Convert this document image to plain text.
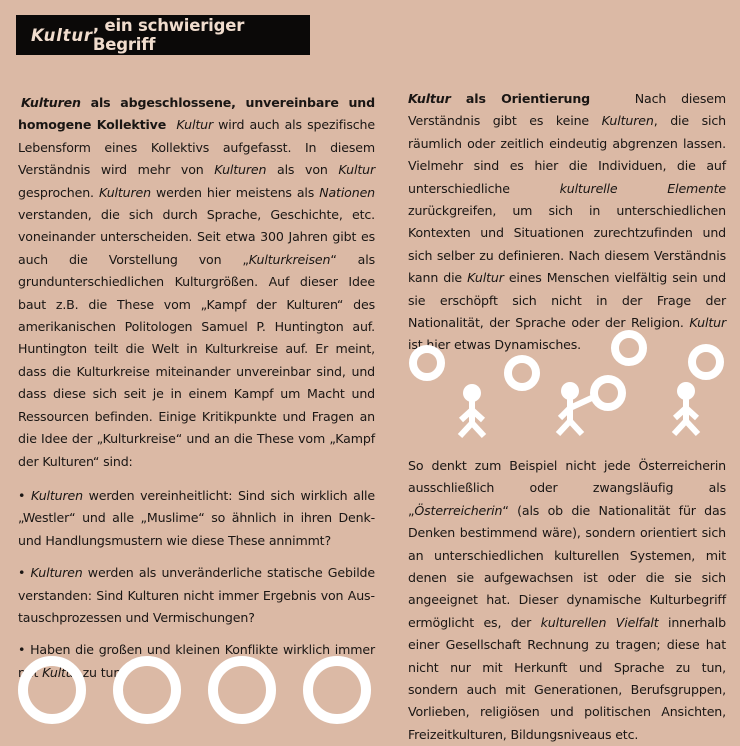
Kultur , ein schwieriger Begriff

Kulturen als abgeschlossene, unvereinbare und homogene Kollektive Kultur wird auch als spezifische Lebensform eines Kollektivs aufgefasst. In diesem Verständnis wird mehr von Kulturen als von Kultur gesprochen. Kulturen werden hier meistens als Nationen verstanden, die sich durch Sprache, Geschichte, etc. voneinander unterscheiden. Seit etwa 300 Jahren gibt es auch die Vorstellung von „Kulturkreisen“ als grundunterschiedlichen Kulturgrößen. Auf dieser Idee baut z.B. die These vom „Kampf der Kulturen“ des amerikanischen Politologen Samuel P. Huntington auf. Huntington teilt die Welt in Kulturkreise auf. Er meint, dass die Kulturkreise miteinander unvereinbar sind, und dass diese sich seit je in einem Kampf um Macht und Ressourcen befinden. Einige Kritikpunkte und Fragen an die Idee der „Kulturkreise“ und an die These vom „Kampf der Kulturen“ sind:

• Kulturen werden vereinheitlicht: Sind sich wirklich alle „Westler“ und alle „Muslime“ so ähnlich in ihren Denk- und Handlungsmustern wie diese These annimmt?

• Kulturen werden als unveränderliche statische Gebilde verstanden: Sind Kulturen nicht immer Ergebnis von Austauschprozessen und Vermischungen?

• Haben die großen und kleinen Konflikte wirklich immer mit Kultur zu tun?

Kultur als Orientierung	Nach diesem Verständnis gibt es keine Kulturen, die sich räumlich oder zeitlich eindeutig abgrenzen lassen. Vielmehr sind es hier die Individuen, die auf unterschiedliche kulturelle Elemente zurückgreifen, um sich in unterschiedlichen Kontexten und Situationen zurechtzufinden und sich selber zu definieren. Nach diesem Verständnis kann die Kultur eines Menschen vielfältig sein und sie erschöpft sich nicht in der Frage der Nationalität, der Sprache oder der Religion. Kultur ist hier etwas Dynamisches.

So denkt zum Beispiel nicht jede Österreicherin ausschließlich oder zwangsläufig als „Österreicherin“ (als ob die Nationalität für das Denken bestimmend wäre), sondern orientiert sich an unterschiedlichen kulturellen Systemen, mit denen sie aufgewachsen ist oder die sie sich angeeignet hat. Dieser dynamische Kulturbegriff ermöglicht es, der kulturellen Vielfalt innerhalb einer Gesellschaft Rechnung zu tragen; diese hat nicht nur mit Herkunft und Sprache zu tun, sondern auch mit Generationen, Berufsgruppen, Vorlieben, religiösen und politischen Ansichten, Freizeitkulturen, Bildungsniveaus etc.
